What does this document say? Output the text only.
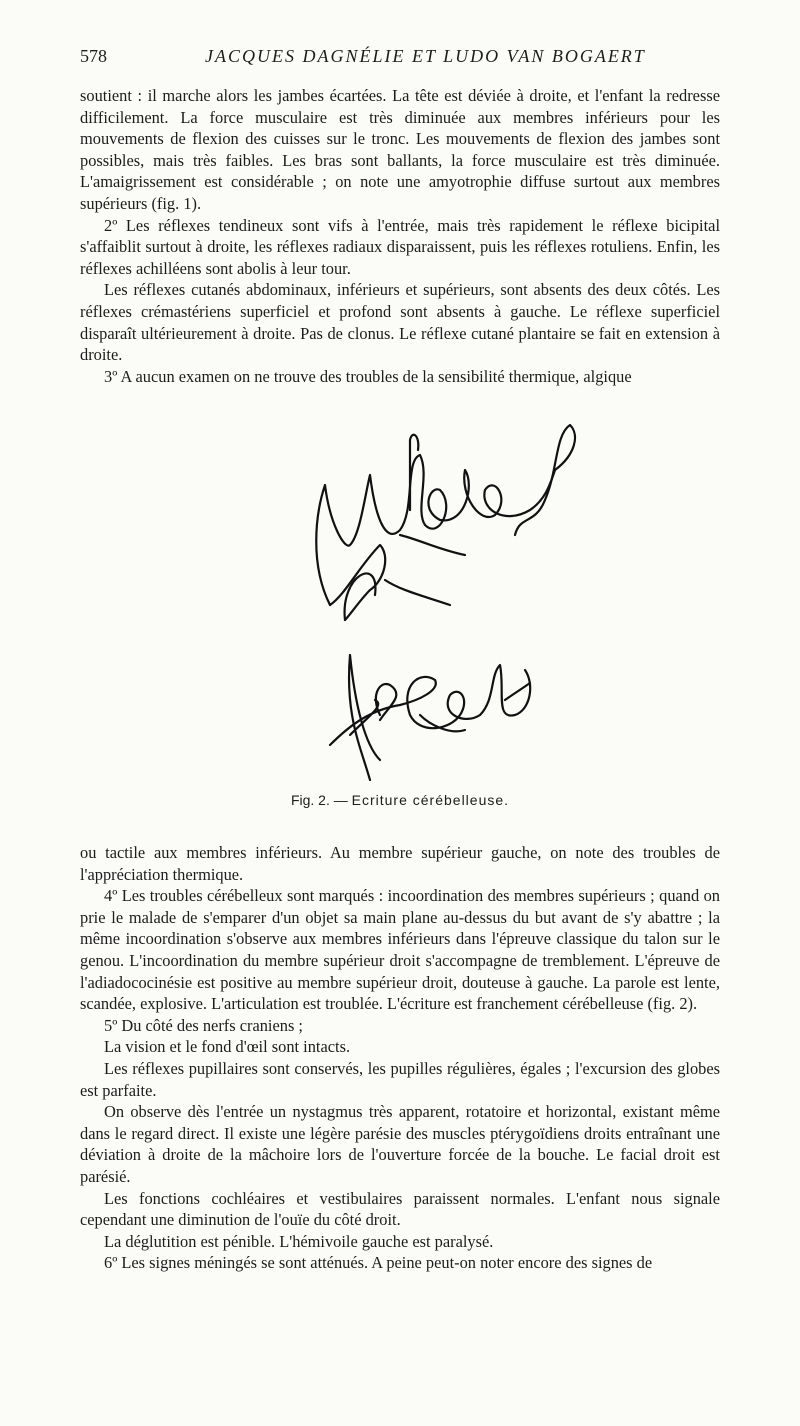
578	JACQUES DAGNÉLIE ET LUDO VAN BOGAERT

soutient : il marche alors les jambes écartées. La tête est déviée à droite, et l'enfant la redresse difficilement. La force musculaire est très diminuée aux membres inférieurs pour les mouvements de flexion des cuisses sur le tronc. Les mouvements de flexion des jambes sont possibles, mais très faibles. Les bras sont ballants, la force musculaire est très diminuée. L'amaigrissement est considérable ; on note une amyotrophie diffuse surtout aux membres supérieurs (fig. 1).

2º Les réflexes tendineux sont vifs à l'entrée, mais très rapidement le réflexe bicipital s'affaiblit surtout à droite, les réflexes radiaux disparaissent, puis les réflexes rotuliens. Enfin, les réflexes achilléens sont abolis à leur tour.

Les réflexes cutanés abdominaux, inférieurs et supérieurs, sont absents des deux côtés. Les réflexes crémastériens superficiel et profond sont absents à gauche. Le réflexe superficiel disparaît ultérieurement à droite. Pas de clonus. Le réflexe cutané plantaire se fait en extension à droite.

3º A aucun examen on ne trouve des troubles de la sensibilité thermique, algique

Fig. 2. — Ecriture cérébelleuse.

ou tactile aux membres inférieurs. Au membre supérieur gauche, on note des troubles de l'appréciation thermique.

4º Les troubles cérébelleux sont marqués : incoordination des membres supérieurs ; quand on prie le malade de s'emparer d'un objet sa main plane au-dessus du but avant de s'y abattre ; la même incoordination s'observe aux membres inférieurs dans l'épreuve classique du talon sur le genou. L'incoordination du membre supérieur droit s'accompagne de tremblement. L'épreuve de l'adiadococinésie est positive au membre supérieur droit, douteuse à gauche. La parole est lente, scandée, explosive. L'articulation est troublée. L'écriture est franchement cérébelleuse (fig. 2).

5º Du côté des nerfs craniens ;

La vision et le fond d'œil sont intacts.

Les réflexes pupillaires sont conservés, les pupilles régulières, égales ; l'excursion des globes est parfaite.

On observe dès l'entrée un nystagmus très apparent, rotatoire et horizontal, existant même dans le regard direct. Il existe une légère parésie des muscles ptérygoïdiens droits entraînant une déviation à droite de la mâchoire lors de l'ouverture forcée de la bouche. Le facial droit est parésié.

Les fonctions cochléaires et vestibulaires paraissent normales. L'enfant nous signale cependant une diminution de l'ouïe du côté droit.

La déglutition est pénible. L'hémivoile gauche est paralysé.

6º Les signes méningés se sont atténués. A peine peut-on noter encore des signes de
